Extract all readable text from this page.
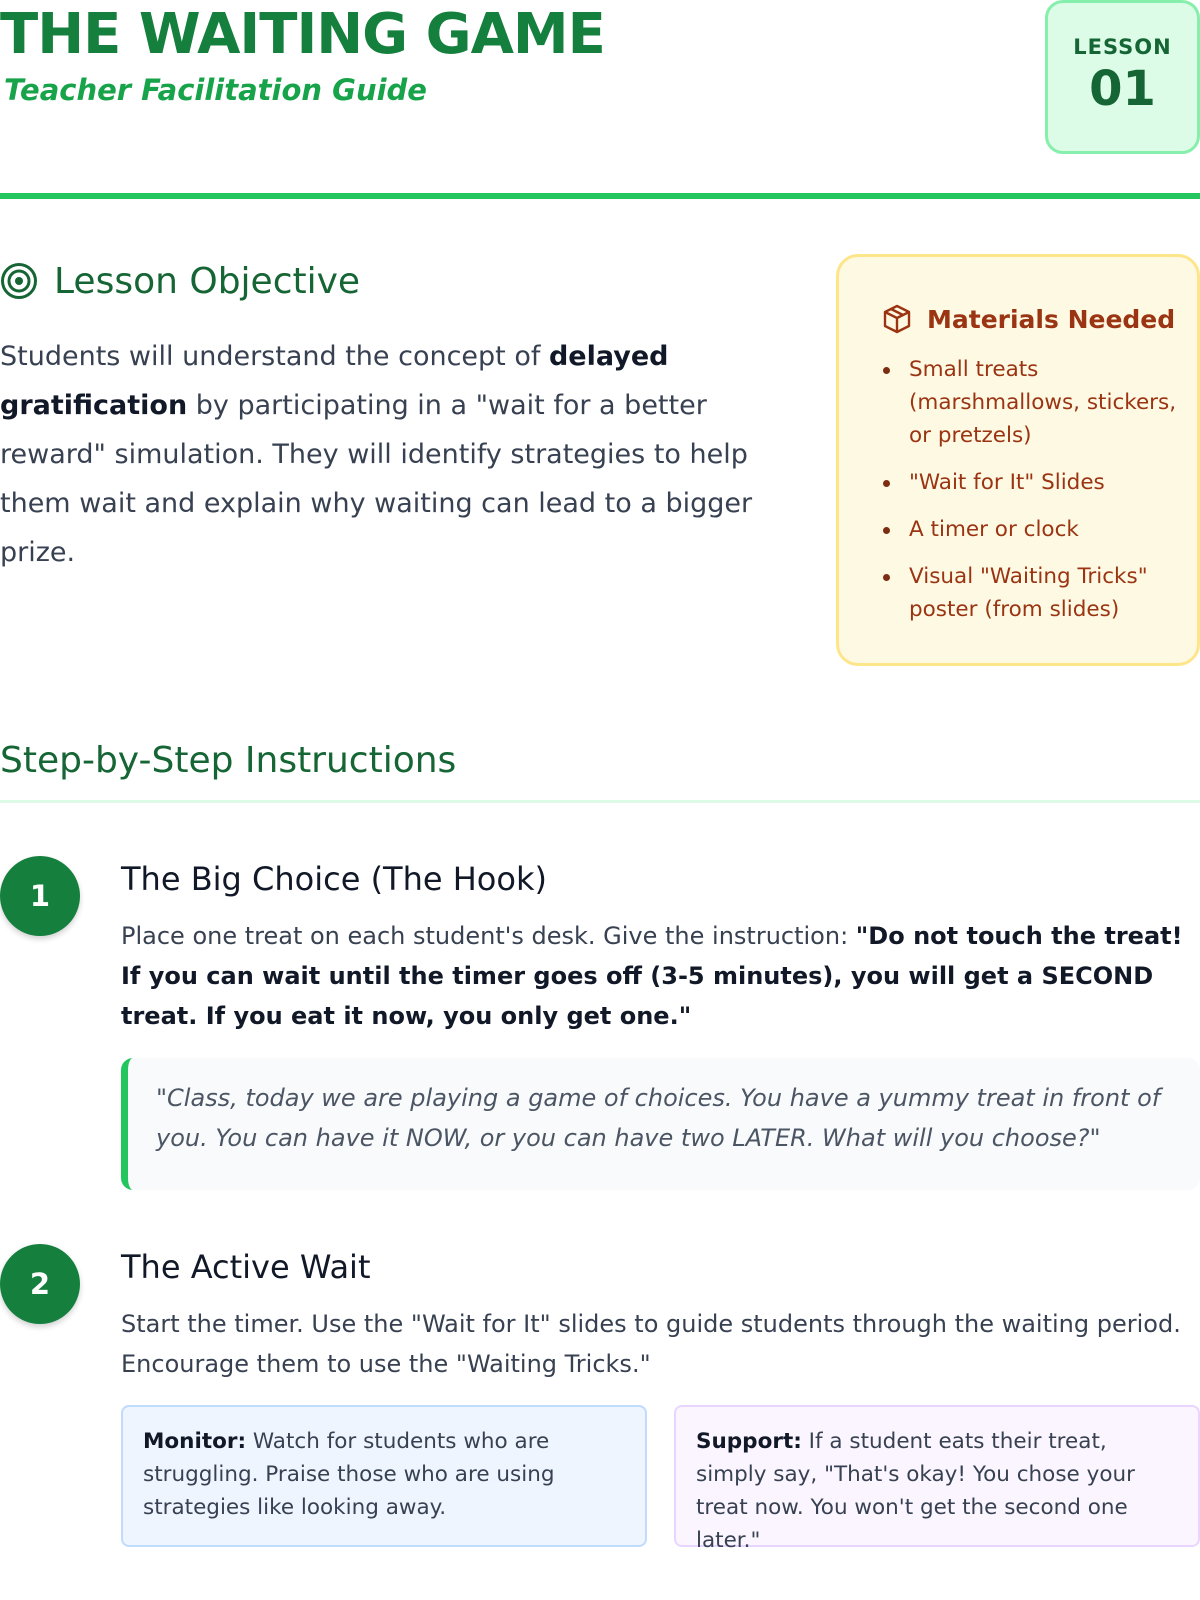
THE WAITING GAME
Teacher Facilitation Guide
LESSON
01
Lesson Objective

Students will understand the concept of delayed gratification by participating in a "wait for a better reward" simulation. They will identify strategies to help them wait and explain why waiting can lead to a bigger prize.

Materials Needed
Small treats (marshmallows, stickers, or pretzels)
"Wait for It" Slides
A timer or clock
Visual "Waiting Tricks" poster (from slides)
Step-by-Step Instructions
1	The Big Choice (The Hook)

Place one treat on each student's desk. Give the instruction: "Do not touch the treat! If you can wait until the timer goes off (3-5 minutes), you will get a SECOND treat. If you eat it now, you only get one."

"Class, today we are playing a game of choices. You have a yummy treat in front of you. You can have it NOW, or you can have two LATER. What will you choose?"
2	The Active Wait

Start the timer. Use the "Wait for It" slides to guide students through the waiting period. Encourage them to use the "Waiting Tricks."

Monitor: Watch for students who are struggling. Praise those who are using strategies like looking away.
Support: If a student eats their treat, simply say, "That's okay! You chose your treat now. You won't get the second one later."
